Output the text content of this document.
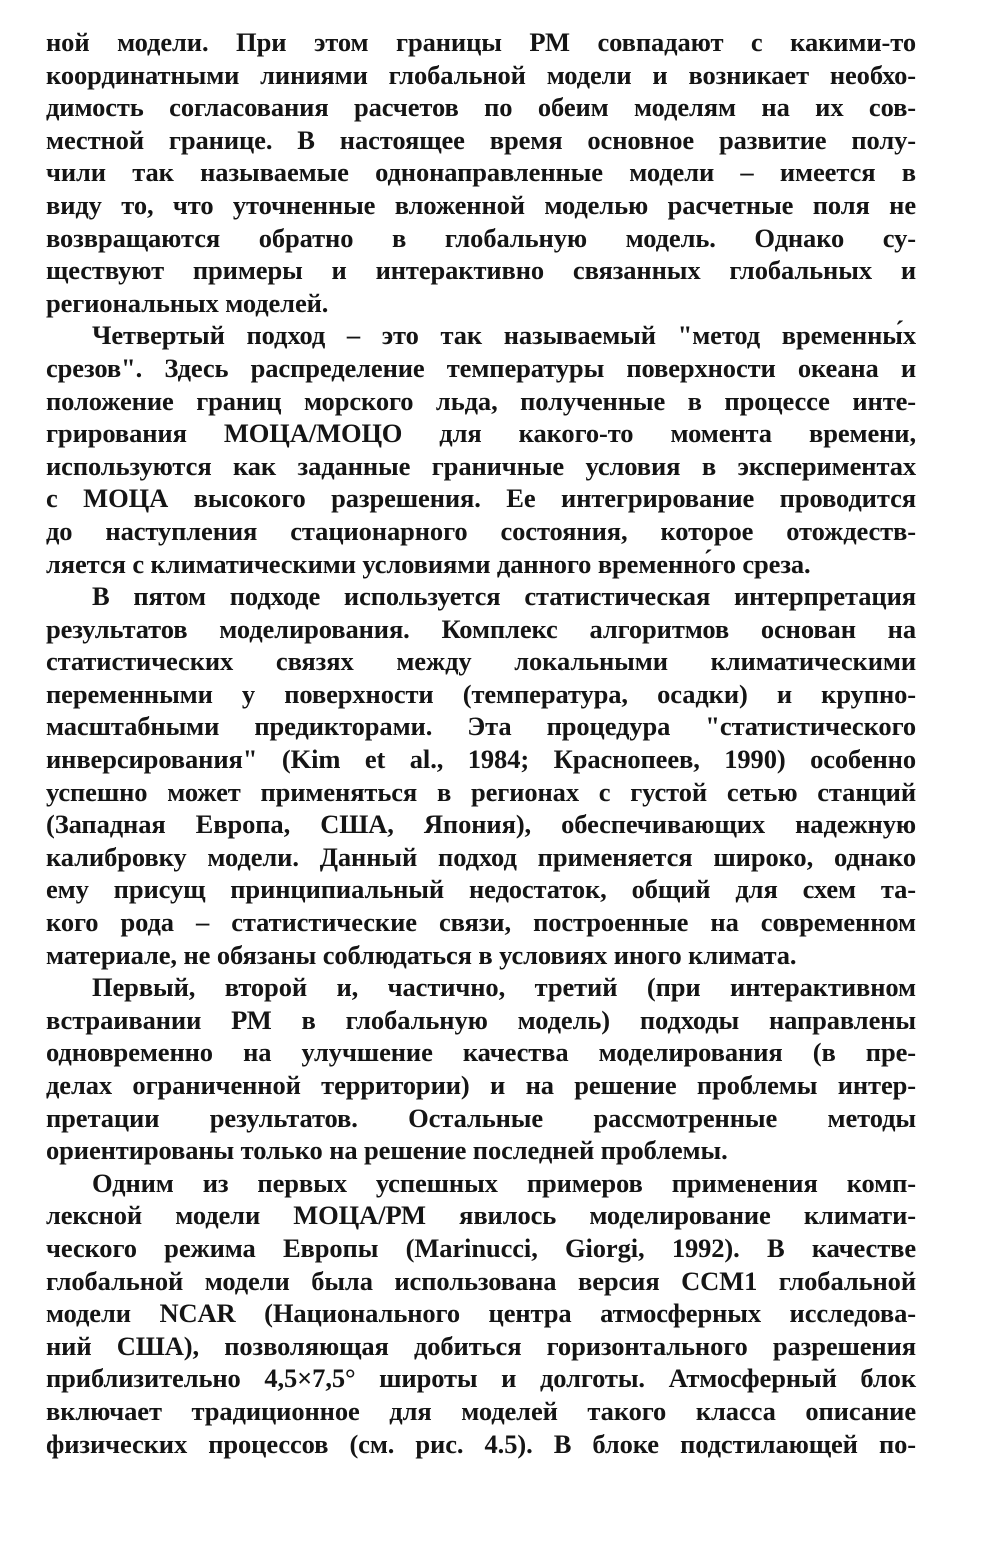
ной модели. При этом границы РМ совпадают с какими-то
координатными линиями глобальной модели и возникает необхо-
димость согласования расчетов по обеим моделям на их сов-
местной границе. В настоящее время основное развитие полу-
чили так называемые однонаправленные модели – имеется в
виду то, что уточненные вложенной моделью расчетные поля не
возвращаются обратно в глобальную модель. Однако су-
ществуют примеры и интерактивно связанных глобальных и
региональных моделей.
Четвертый подход – это так называемый "метод временны́х
срезов". Здесь распределение температуры поверхности океана и
положение границ морского льда, полученные в процессе инте-
грирования МОЦА/МОЦО для какого-то момента времени,
используются как заданные граничные условия в экспериментах
с МОЦА высокого разрешения. Ее интегрирование проводится
до наступления стационарного состояния, которое отождеств-
ляется с климатическими условиями данного временно́го среза.
В пятом подходе используется статистическая интерпретация
результатов моделирования. Комплекс алгоритмов основан на
статистических связях между локальными климатическими
переменными у поверхности (температура, осадки) и крупно-
масштабными предикторами. Эта процедура "статистического
инверсирования" (Kim et al., 1984; Краснопеев, 1990) особенно
успешно может применяться в регионах с густой сетью станций
(Западная Европа, США, Япония), обеспечивающих надежную
калибровку модели. Данный подход применяется широко, однако
ему присущ принципиальный недостаток, общий для схем та-
кого рода – статистические связи, построенные на современном
материале, не обязаны соблюдаться в условиях иного климата.
Первый, второй и, частично, третий (при интерактивном
встраивании РМ в глобальную модель) подходы направлены
одновременно на улучшение качества моделирования (в пре-
делах ограниченной территории) и на решение проблемы интер-
претации результатов. Остальные рассмотренные методы
ориентированы только на решение последней проблемы.
Одним из первых успешных примеров применения комп-
лексной модели МОЦА/РМ явилось моделирование климати-
ческого режима Европы (Marinucci, Giorgi, 1992). В качестве
глобальной модели была использована версия CCM1 глобальной
модели NCAR (Национального центра атмосферных исследова-
ний США), позволяющая добиться горизонтального разрешения
приблизительно 4,5×7,5° широты и долготы. Атмосферный блок
включает традиционное для моделей такого класса описание
физических процессов (см. рис. 4.5). В блоке подстилающей по-
